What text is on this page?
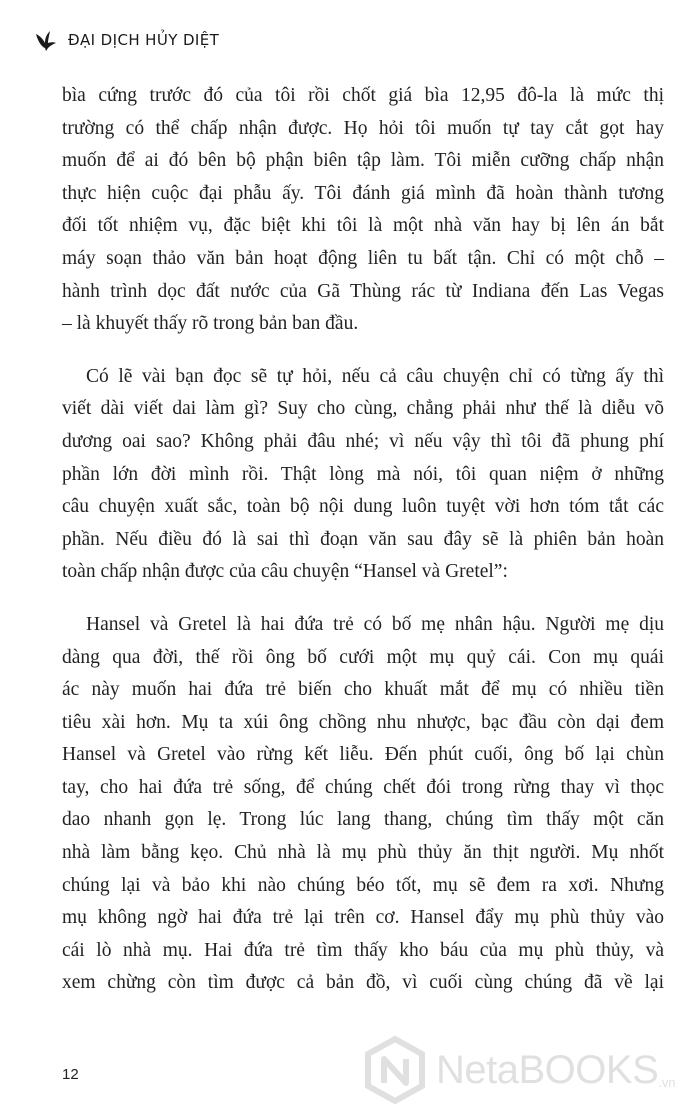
ĐẠI DỊCH HỦY DIỆT
bìa cứng trước đó của tôi rồi chốt giá bìa 12,95 đô-la là mức thị
trường có thể chấp nhận được. Họ hỏi tôi muốn tự tay cắt gọt hay
muốn để ai đó bên bộ phận biên tập làm. Tôi miễn cưỡng chấp nhận
thực hiện cuộc đại phẫu ấy. Tôi đánh giá mình đã hoàn thành tương
đối tốt nhiệm vụ, đặc biệt khi tôi là một nhà văn hay bị lên án bắt
máy soạn thảo văn bản hoạt động liên tu bất tận. Chỉ có một chỗ –
hành trình dọc đất nước của Gã Thùng rác từ Indiana đến Las Vegas
– là khuyết thấy rõ trong bản ban đầu.
Có lẽ vài bạn đọc sẽ tự hỏi, nếu cả câu chuyện chỉ có từng ấy thì
viết dài viết dai làm gì? Suy cho cùng, chẳng phải như thế là diễu võ
dương oai sao? Không phải đâu nhé; vì nếu vậy thì tôi đã phung phí
phần lớn đời mình rồi. Thật lòng mà nói, tôi quan niệm ở những
câu chuyện xuất sắc, toàn bộ nội dung luôn tuyệt vời hơn tóm tắt các
phần. Nếu điều đó là sai thì đoạn văn sau đây sẽ là phiên bản hoàn
toàn chấp nhận được của câu chuyện “Hansel và Gretel”:
Hansel và Gretel là hai đứa trẻ có bố mẹ nhân hậu. Người mẹ dịu
dàng qua đời, thế rồi ông bố cưới một mụ quỷ cái. Con mụ quái
ác này muốn hai đứa trẻ biến cho khuất mắt để mụ có nhiều tiền
tiêu xài hơn. Mụ ta xúi ông chồng nhu nhược, bạc đầu còn dại đem
Hansel và Gretel vào rừng kết liễu. Đến phút cuối, ông bố lại chùn
tay, cho hai đứa trẻ sống, để chúng chết đói trong rừng thay vì thọc
dao nhanh gọn lẹ. Trong lúc lang thang, chúng tìm thấy một căn
nhà làm bằng kẹo. Chủ nhà là mụ phù thủy ăn thịt người. Mụ nhốt
chúng lại và bảo khi nào chúng béo tốt, mụ sẽ đem ra xơi. Nhưng
mụ không ngờ hai đứa trẻ lại trên cơ. Hansel đẩy mụ phù thủy vào
cái lò nhà mụ. Hai đứa trẻ tìm thấy kho báu của mụ phù thủy, và
xem chừng còn tìm được cả bản đồ, vì cuối cùng chúng đã về lại
12	NetaBOOKS .vn
